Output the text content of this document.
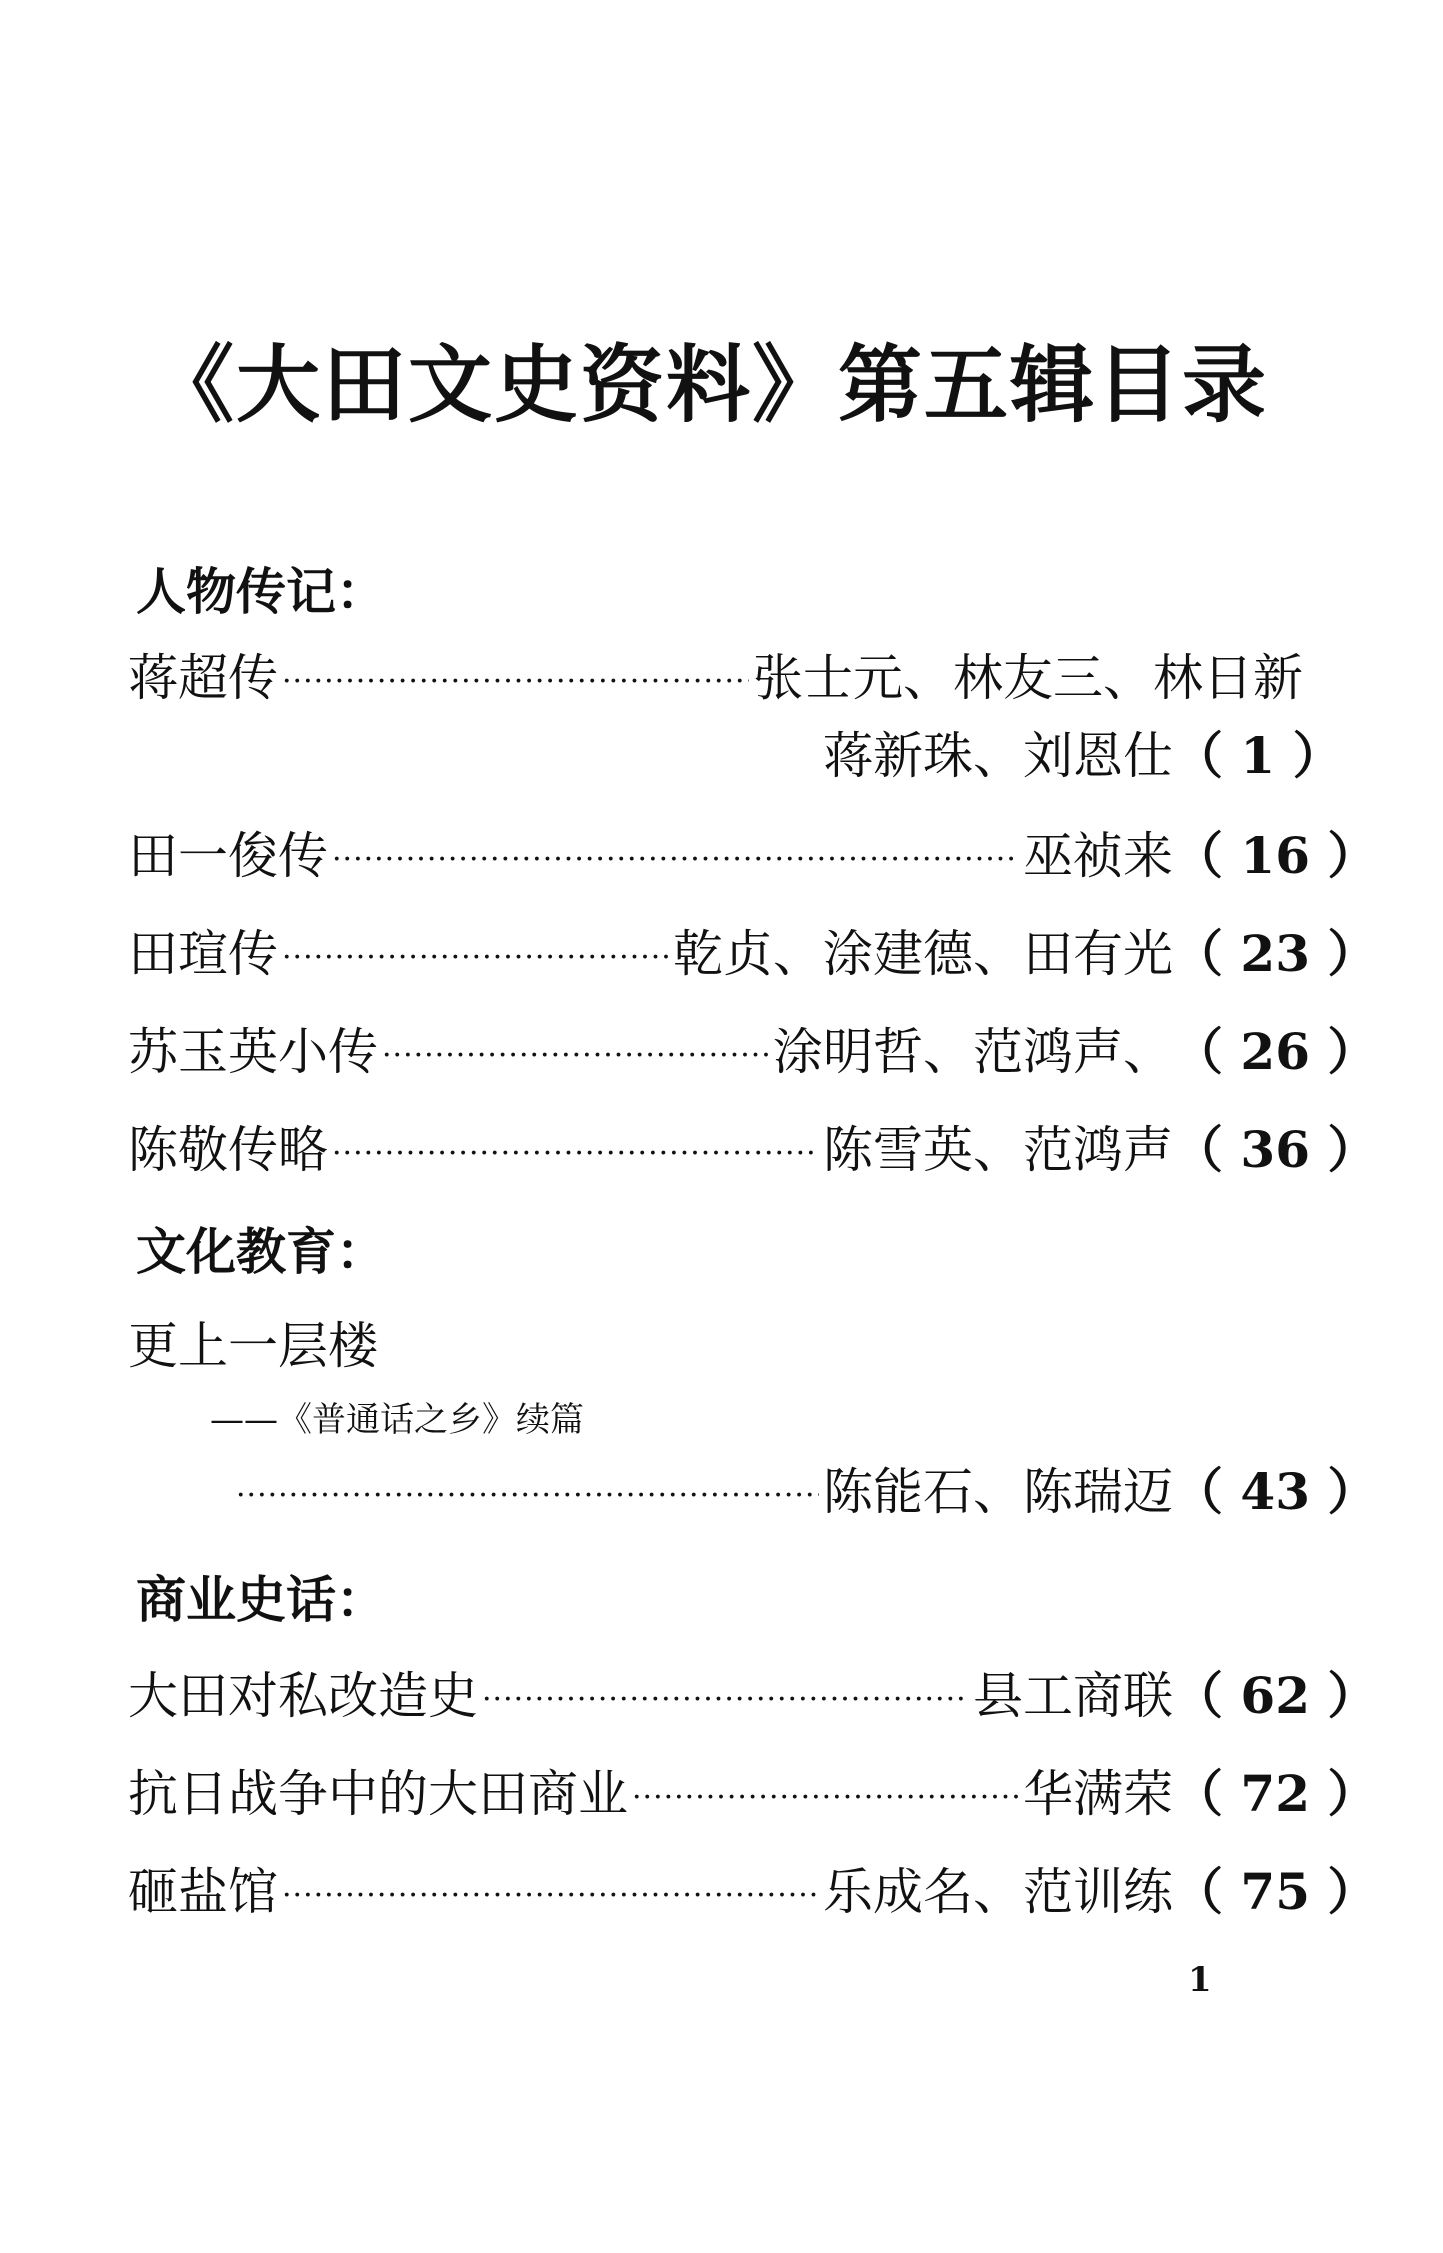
《大田文史资料》第五辑目录
人物传记：
蒋超传 ·····	张士元、林友三、林日新
蒋新珠、刘恩仕 （ 1 ）
田一俊传 ·····	巫祯来 （ 16 ）
田瑄传 ·····	乾贞、涂建德、田有光 （ 23 ）
苏玉英小传 ·····	涂明哲、范鸿声、 （ 26 ）
陈敬传略 ·····	陈雪英、范鸿声 （ 36 ）
文化教育：
更上一层楼
——《普通话之乡》续篇
·····
陈能石、陈瑞迈 （ 43 ）
商业史话：
大田对私改造史 ·····	县工商联 （ 62 ）
抗日战争中的大田商业 ·····	华满荣 （ 72 ）
砸盐馆 ·····	乐成名、范训练 （ 75 ）
1
